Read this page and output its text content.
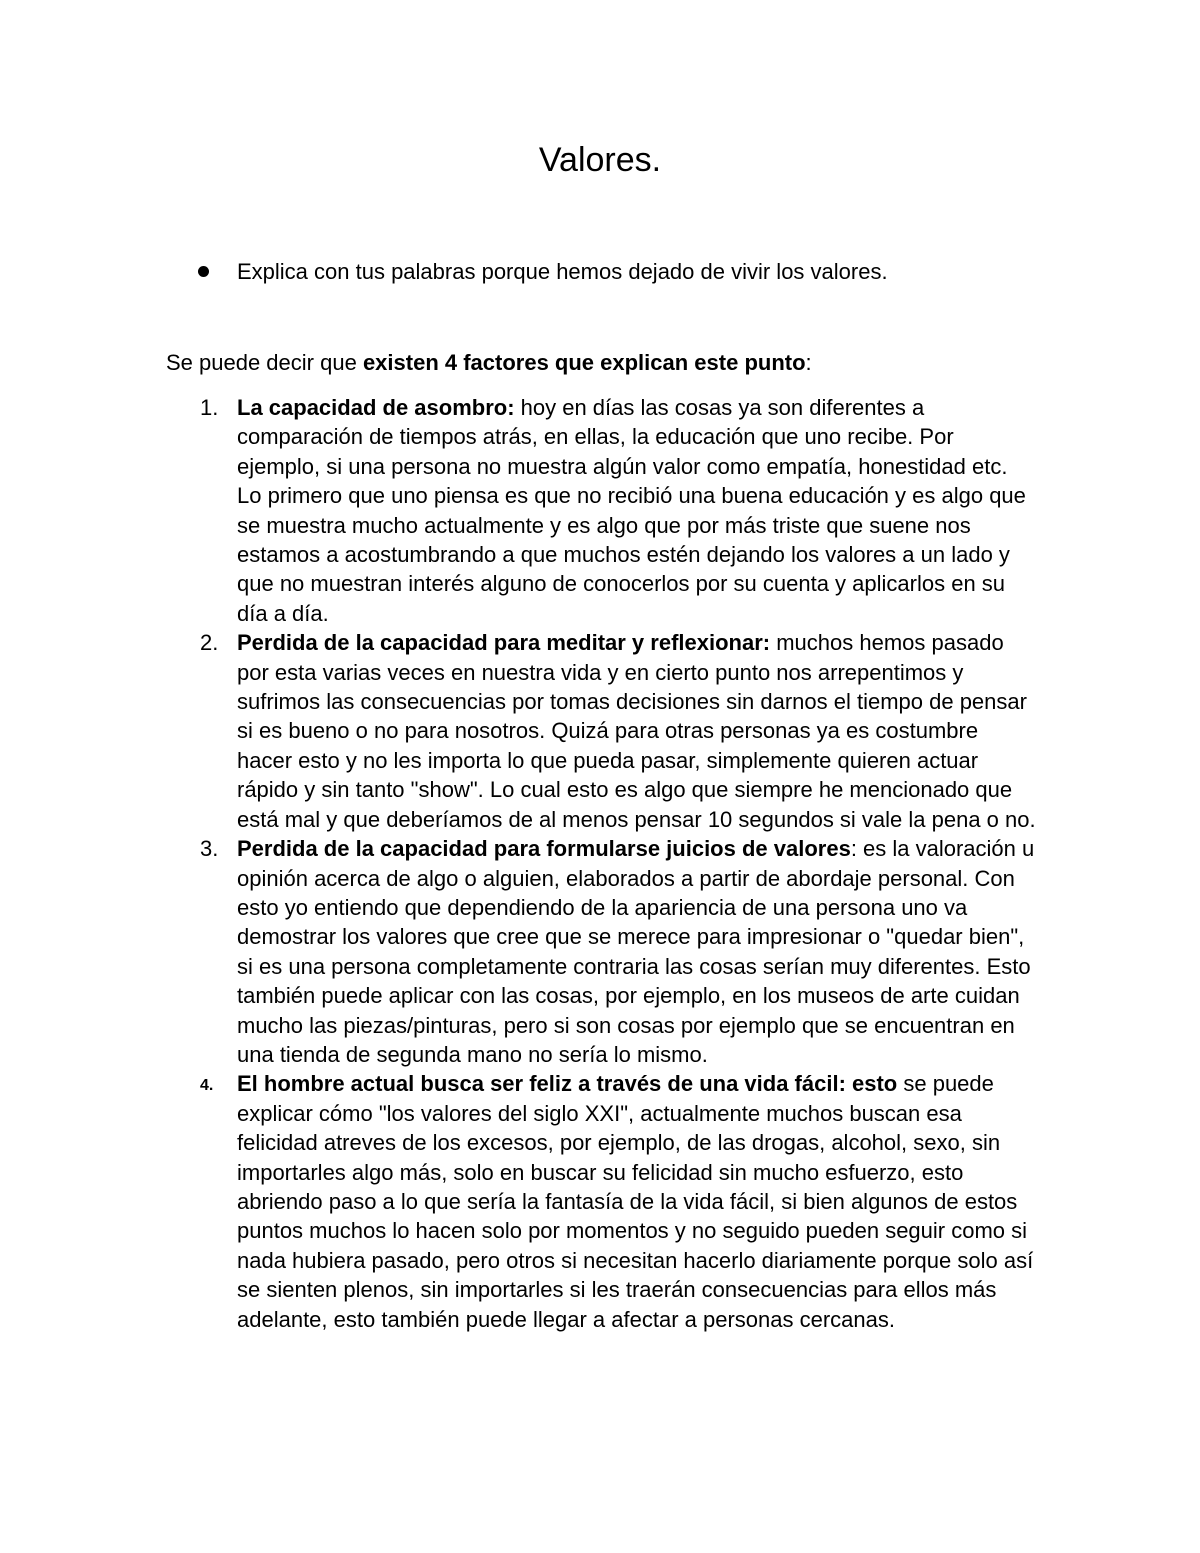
Valores.
Explica con tus palabras porque hemos dejado de vivir los valores.

Se puede decir que existen 4 factores que explican este punto:

1. La capacidad de asombro: hoy en días las cosas ya son diferentes a comparación de tiempos atrás, en ellas, la educación que uno recibe. Por ejemplo, si una persona no muestra algún valor como empatía, honestidad etc. Lo primero que uno piensa es que no recibió una buena educación y es algo que se muestra mucho actualmente y es algo que por más triste que suene nos estamos a acostumbrando a que muchos estén dejando los valores a un lado y que no muestran interés alguno de conocerlos por su cuenta y aplicarlos en su día a día.
2. Perdida de la capacidad para meditar y reflexionar: muchos hemos pasado por esta varias veces en nuestra vida y en cierto punto nos arrepentimos y sufrimos las consecuencias por tomas decisiones sin darnos el tiempo de pensar si es bueno o no para nosotros. Quizá para otras personas ya es costumbre hacer esto y no les importa lo que pueda pasar, simplemente quieren actuar rápido y sin tanto "show". Lo cual esto es algo que siempre he mencionado que está mal y que deberíamos de al menos pensar 10 segundos si vale la pena o no.
3. Perdida de la capacidad para formularse juicios de valores: es la valoración u opinión acerca de algo o alguien, elaborados a partir de abordaje personal. Con esto yo entiendo que dependiendo de la apariencia de una persona uno va demostrar los valores que cree que se merece para impresionar o "quedar bien", si es una persona completamente contraria las cosas serían muy diferentes. Esto también puede aplicar con las cosas, por ejemplo, en los museos de arte cuidan mucho las piezas/pinturas, pero si son cosas por ejemplo que se encuentran en una tienda de segunda mano no sería lo mismo.
4.	El hombre actual busca ser feliz a través de una vida fácil: esto se puede explicar cómo "los valores del siglo XXI", actualmente muchos buscan esa felicidad atreves de los excesos, por ejemplo, de las drogas, alcohol, sexo, sin importarles algo más, solo en buscar su felicidad sin mucho esfuerzo, esto abriendo paso a lo que sería la fantasía de la vida fácil, si bien algunos de estos puntos muchos lo hacen solo por momentos y no seguido pueden seguir como si nada hubiera pasado, pero otros si necesitan hacerlo diariamente porque solo así se sienten plenos, sin importarles si les traerán consecuencias para ellos más adelante, esto también puede llegar a afectar a personas cercanas.
